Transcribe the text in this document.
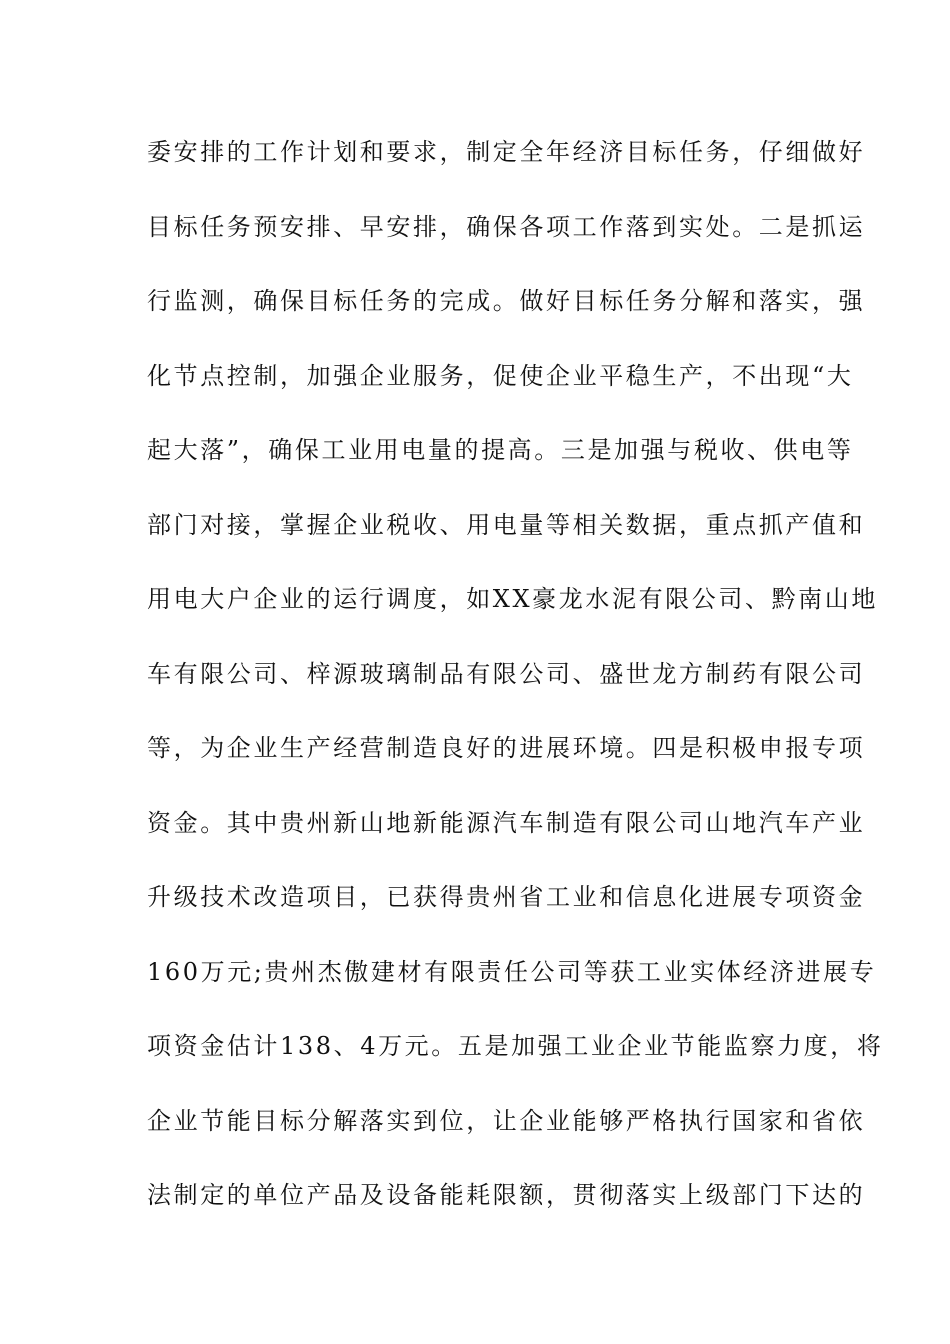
委安排的工作计划和要求，制定全年经济目标任务，仔细做好
目标任务预安排、早安排，确保各项工作落到实处。二是抓运
行监测，确保目标任务的完成。做好目标任务分解和落实，强
化节点控制，加强企业服务，促使企业平稳生产，不出现“大
起大落”，确保工业用电量的提高。三是加强与税收、供电等
部门对接，掌握企业税收、用电量等相关数据，重点抓产值和
用电大户企业的运行调度，如XX豪龙水泥有限公司、黔南山地
车有限公司、梓源玻璃制品有限公司、盛世龙方制药有限公司
等，为企业生产经营制造良好的进展环境。四是积极申报专项
资金。其中贵州新山地新能源汽车制造有限公司山地汽车产业
升级技术改造项目，已获得贵州省工业和信息化进展专项资金
160万元;贵州杰傲建材有限责任公司等获工业实体经济进展专
项资金估计138、4万元。五是加强工业企业节能监察力度，将
企业节能目标分解落实到位，让企业能够严格执行国家和省依
法制定的单位产品及设备能耗限额，贯彻落实上级部门下达的
